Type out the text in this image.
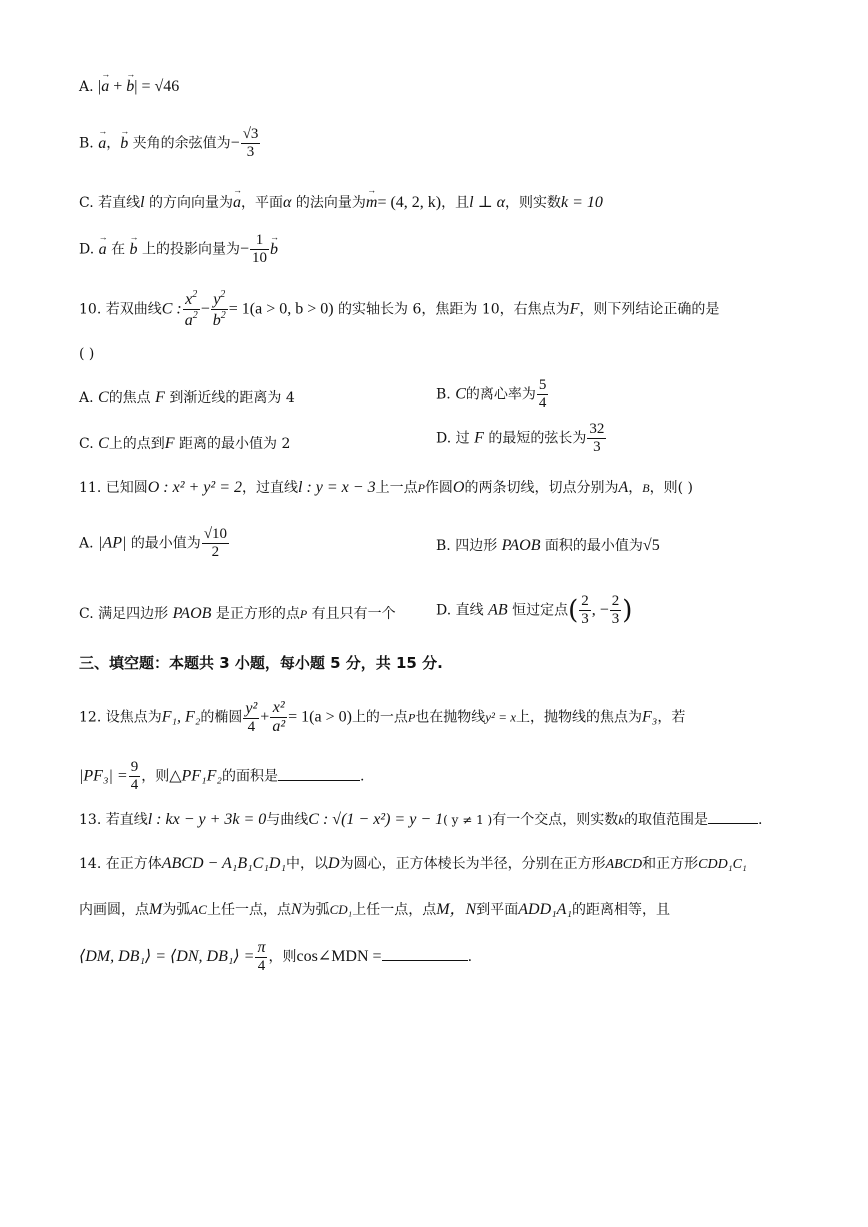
A. |→ a + → b| = √46
B. → a，→ b 夹角的余弦值为− $\frac{√3}{3}$
C. 若直线l 的方向向量为→ a，平面α 的法向量为→ m= (4, 2, k)，且l ⊥ α，则实数k = 10
D. → a 在 → b 上的投影向量为− $\frac{1}{10} \to b$
10. 若双曲线C : $\frac{x^2}{a^2} - \frac{y^2}{b^2} = 1(a > 0$, b > 0) 的实轴长为 6，焦距为 10，右焦点为F，则下列结论正确的是
( )
A. C的焦点 F 到渐近线的距离为 4	B. C的离心率为 $\frac{5}{4}$
C. C上的点到F 距离的最小值为 2	D. 过 F 的最短的弦长为 $\frac{32}{3}$
11. 已知圆O : x² + y² = 2，过直线l : y = x − 3上一点P作圆O的两条切线，切点分别为A，B，则( )
A. |AP| 的最小值为 $\frac{√10}{2}$	B. 四边形 PAOB 面积的最小值为√5
C. 满足四边形 PAOB 是正方形的点P 有且只有一个	D. 直线 AB 恒过定点( $\frac{2}{3}$ , − $\frac{2}{3}$ )
三、填空题：本题共 3 小题，每小题 5 分，共 15 分.
12. 设焦点为F₁, F₂的椭圆 $\frac{\text{y²}}{4} + \frac{\text{x²}}{\text{a²}} = 1(a > 0)$上的一点P也在抛物线y² = x上，抛物线的焦点为F₃，若
$|PF_3| = \frac{9}{4}$ ，则△PF₁F₂的面积是	.
13. 若直线l : kx − y + 3k = 0与曲线C : √(1 − x²) = y − 1( y ≠ 1 )有一个交点，则实数k的取值范围是	.
14. 在正方体ABCD − A₁B₁C₁D₁中，以D为圆心，正方体棱长为半径，分别在正方形ABCD和正方形CDD₁C₁
内画圆，点M为弧AC上任一点，点N为弧CD₁上任一点，点M，N到平面ADD₁A₁的距离相等，且
⟨DM, DB₁⟩ = ⟨DN, DB₁⟩ = $\frac{\pi}{4}$ ，则cos∠MDN =	.
